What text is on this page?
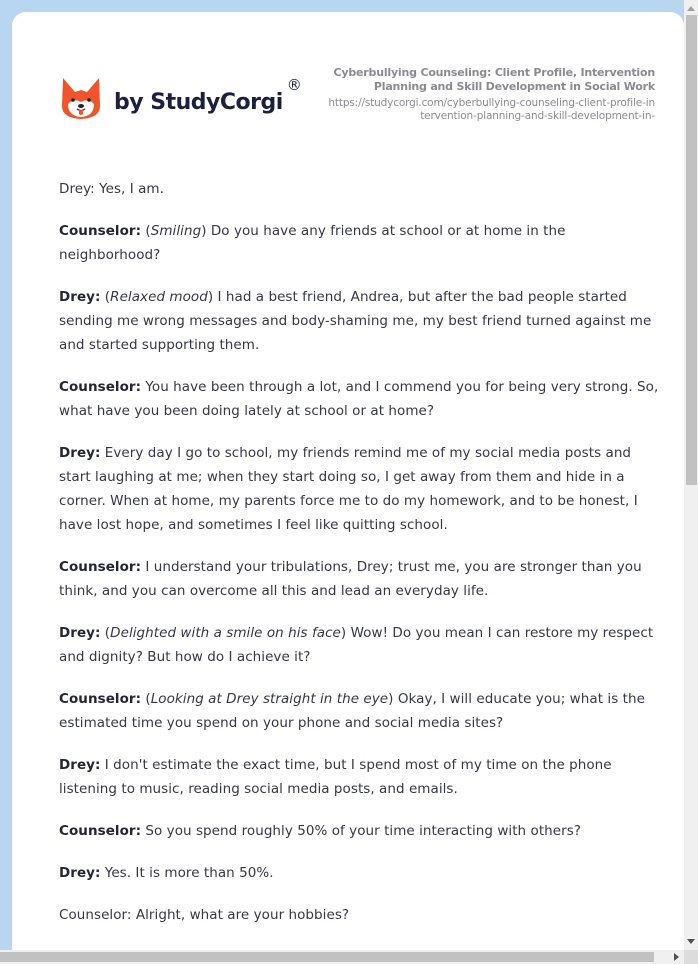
by StudyCorgi
®
Cyberbullying Counseling: Client Profile, Intervention Planning and Skill Development in Social Work
https://studycorgi.com/cyberbullying-counseling-client-profile-intervention-planning-and-skill-development-in-

Drey: Yes, I am.

Counselor: (Smiling) Do you have any friends at school or at home in the neighborhood?

Drey: (Relaxed mood) I had a best friend, Andrea, but after the bad people started sending me wrong messages and body-shaming me, my best friend turned against me and started supporting them.

Counselor: You have been through a lot, and I commend you for being very strong. So, what have you been doing lately at school or at home?

Drey: Every day I go to school, my friends remind me of my social media posts and start laughing at me; when they start doing so, I get away from them and hide in a corner. When at home, my parents force me to do my homework, and to be honest, I have lost hope, and sometimes I feel like quitting school.

Counselor: I understand your tribulations, Drey; trust me, you are stronger than you think, and you can overcome all this and lead an everyday life.

Drey: (Delighted with a smile on his face) Wow! Do you mean I can restore my respect and dignity? But how do I achieve it?

Counselor: (Looking at Drey straight in the eye) Okay, I will educate you; what is the estimated time you spend on your phone and social media sites?

Drey: I don't estimate the exact time, but I spend most of my time on the phone listening to music, reading social media posts, and emails.

Counselor: So you spend roughly 50% of your time interacting with others?

Drey: Yes. It is more than 50%.

Counselor: Alright, what are your hobbies?
